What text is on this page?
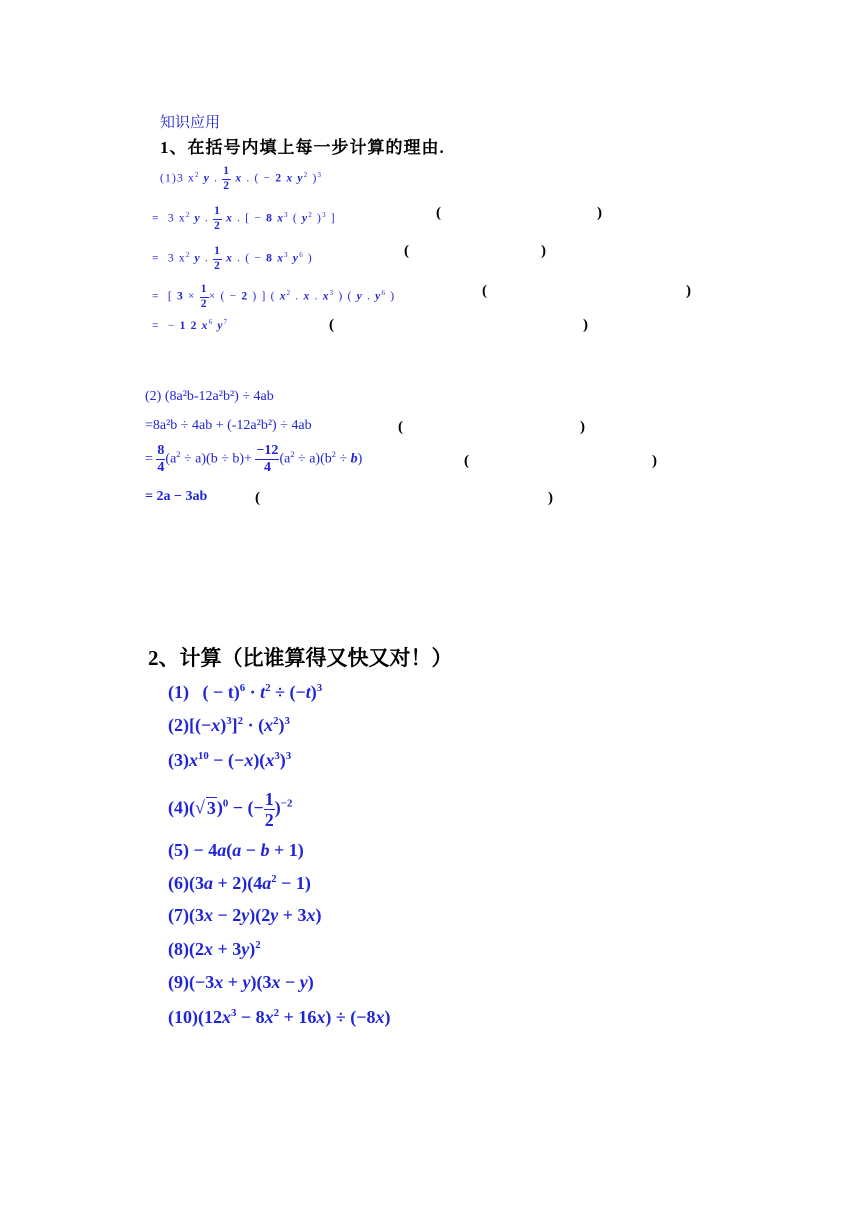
知识应用
1、在括号内填上每一步计算的理由.
(1)3 $x^2$ y . $\frac{1}{2}$ x . ( − 2 x $y^2$ )$^3$
=  3 $x^2$ y . $\frac{1}{2}$ x . [ − 8 $x^3$ ( $y^2$ )$^3$ ]	(	)
=  3 $x^2$ y . $\frac{1}{2}$ x . ( − 8 $x^3$ $y^6$ )	(	)
=  [ $3 \times \frac{1}{2}$ × ( − 2 ) ] ( $x^2$ . x . $x^3$ ) ( y . $y^6$ )	(	)
=  − 1 2 $x^6$ $y^7$	(	)
(2) (8a²b-12a²b²) ÷ 4ab
=8a²b ÷ 4ab + (-12a²b²) ÷ 4ab	(	)
= $\frac{8}{4} (a^2 \div a)(b \div b)+ \frac{-12}{4} (a^2 \div a)(b^2 \div b)$	(	)
= 2a − 3ab	(	)
2、计算（比谁算得又快又对！）
(1)   ( − $t)^6 \cdot t^2 \div (-t)^3$
$(2)[(-x)^3]^2 \cdot (x^2)^3$
$(3)x^{10} - (-x)(x^3)^3$
(4)(√ 3)$^0$ − (− $\frac{1}{2} )^{-2}$
(5) − 4a(a − b + 1)
$(6)(3a + 2)(4a^2 - 1)$
(7)(3x − 2y)(2y + 3x)
$(8)(2x + 3y)^2$
(9)(−3x + y)(3x − y)
$(10)(12x^3 - 8x^2 + 16x) \div (-8x)$
